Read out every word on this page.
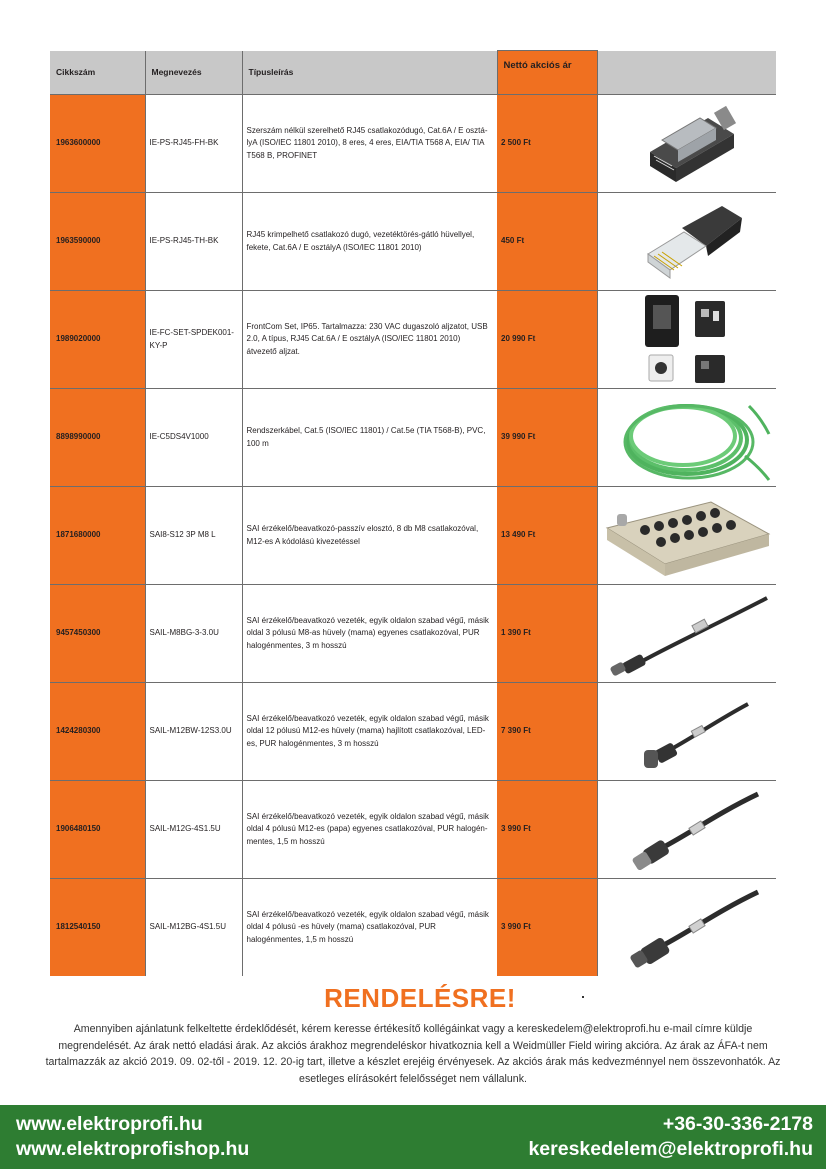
Cikkszám	Megnevezés	Típusleírás	Nettó akciós ár	
1963600000	IE-PS-RJ45-FH-BK	Szerszám nélkül szerelhető RJ45 csatlakozódugó, Cat.6A / E osztá-lyA (ISO/IEC 11801 2010), 8 eres, 4 eres, EIA/TIA T568 A, EIA/ TIA T568 B, PROFINET	2 500 Ft	

1963590000	IE-PS-RJ45-TH-BK	RJ45 krimpelhető csatlakozó dugó, vezetéktörés-gátló hüvellyel, fekete, Cat.6A / E osztályA (ISO/IEC 11801 2010)	450 Ft	

1989020000	IE-FC-SET-SPDEK001-KY-P	FrontCom Set, IP65. Tartalmazza: 230 VAC dugaszoló aljzatot, USB 2.0, A típus, RJ45 Cat.6A / E osztályA (ISO/IEC 11801 2010) átvezető aljzat.	20 990 Ft	

8898990000	IE-C5DS4V1000	Rendszerkábel, Cat.5 (ISO/IEC 11801) / Cat.5e (TIA T568-B), PVC, 100 m	39 990 Ft	

1871680000	SAI8-S12 3P M8 L	SAI érzékelő/beavatkozó-passzív elosztó, 8 db M8 csatlakozóval, M12-es A kódolású kivezetéssel	13 490 Ft	

9457450300	SAIL-M8BG-3-3.0U	SAI érzékelő/beavatkozó vezeték, egyik oldalon szabad végű, másik oldal 3 pólusú M8-as hüvely (mama) egyenes csatlakozóval, PUR halogénmentes, 3 m hosszú	1 390 Ft	

1424280300	SAIL-M12BW-12S3.0U	SAI érzékelő/beavatkozó vezeték, egyik oldalon szabad végű, másik oldal 12 pólusú M12-es hüvely (mama) hajlított csatlakozóval, LED-es, PUR halogénmentes, 3 m hosszú	7 390 Ft	

1906480150	SAIL-M12G-4S1.5U	SAI érzékelő/beavatkozó vezeték, egyik oldalon szabad végű, másik oldal 4 pólusú M12-es (papa) egyenes csatlakozóval, PUR halogén-mentes, 1,5 m hosszú	3 990 Ft	

1812540150	SAIL-M12BG-4S1.5U	SAI érzékelő/beavatkozó vezeték, egyik oldalon szabad végű, másik oldal 4 pólusú -es hüvely (mama) csatlakozóval, PUR halogénmentes, 1,5 m hosszú	3 990 Ft	
RENDELÉSRE!
Amennyiben ajánlatunk felkeltette érdeklődését, kérem keresse értékesítő kollégáinkat vagy a kereskedelem@elektroprofi.hu e-mail címre küldje megrendelését. Az árak nettó eladási árak. Az akciós árakhoz megrendeléskor hivatkoznia kell a Weidmüller Field wiring akcióra. Az árak az ÁFA-t nem tartalmazzák az akció 2019. 09. 02-től - 2019. 12. 20-ig tart, illetve a készlet erejéig érvényesek. Az akciós árak más kedvezménnyel nem összevonhatók. Az esetleges elírásokért felelősséget nem vállalunk.
www.elektroprofi.hu
www.elektroprofishop.hu
+36-30-336-2178
kereskedelem@elektroprofi.hu
